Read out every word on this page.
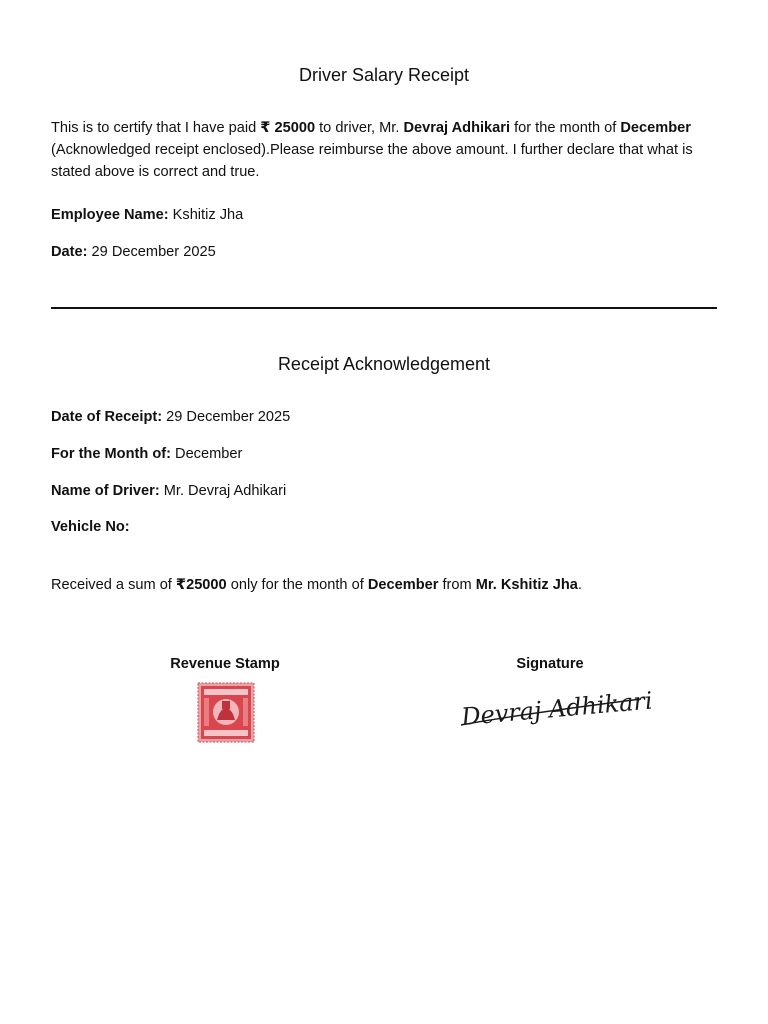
Driver Salary Receipt
This is to certify that I have paid ₹ 25000 to driver, Mr. Devraj Adhikari for the month of December (Acknowledged receipt enclosed).Please reimburse the above amount. I further declare that what is stated above is correct and true.
Employee Name: Kshitiz Jha
Date: 29 December 2025
Receipt Acknowledgement
Date of Receipt: 29 December 2025
For the Month of: December
Name of Driver: Mr. Devraj Adhikari
Vehicle No:
Received a sum of ₹25000 only for the month of December from Mr. Kshitiz Jha.
Revenue Stamp	Signature
Devraj Adhikari
